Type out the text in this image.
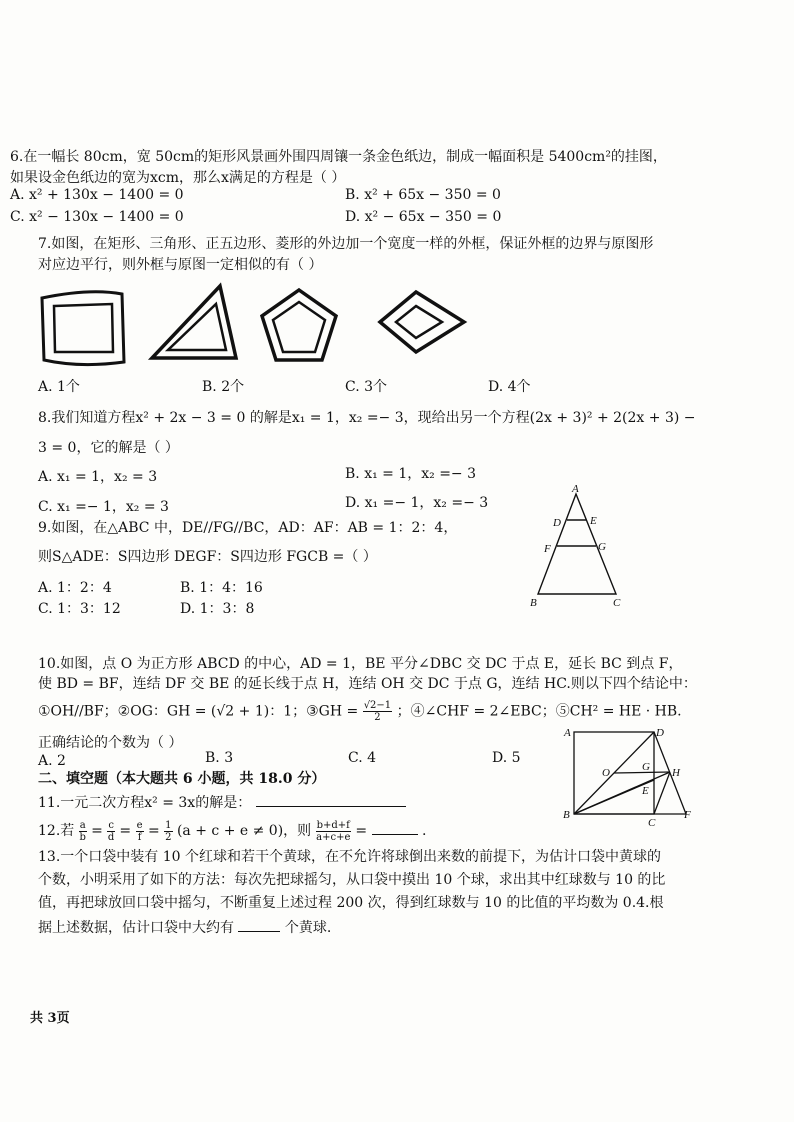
6.在一幅长 80cm，宽 50cm的矩形风景画外围四周镶一条金色纸边，制成一幅面积是 5400cm²的挂图，
如果设金色纸边的宽为xcm，那么x满足的方程是（ ）
A. x² + 130x − 1400 = 0	B. x² + 65x − 350 = 0
C. x² − 130x − 1400 = 0	D. x² − 65x − 350 = 0
7.如图，在矩形、三角形、正五边形、菱形的外边加一个宽度一样的外框，保证外框的边界与原图形
对应边平行，则外框与原图一定相似的有（ ）
A. 1个	B. 2个	C. 3个	D. 4个
8.我们知道方程x² + 2x − 3 = 0 的解是x₁ = 1，x₂ =− 3，现给出另一个方程(2x + 3)² + 2(2x + 3) −
3 = 0，它的解是（ ）
A. x₁ = 1，x₂ = 3	B. x₁ = 1，x₂ =− 3
C. x₁ =− 1，x₂ = 3	D. x₁ =− 1，x₂ =− 3
9.如图，在△ABC 中，DE//FG//BC，AD：AF：AB = 1：2：4，
则S△ADE：S四边形 DEGF：S四边形 FGCB =（ ）
A. 1：2：4	B. 1：4：16
C. 1：3：12	D. 1：3：8
A
D	E
F	G
B	C
10.如图，点 O 为正方形 ABCD 的中心，AD = 1，BE 平分∠DBC 交 DC 于点 E，延长 BC 到点 F，
使 BD = BF，连结 DF 交 BE 的延长线于点 H，连结 OH 交 DC 于点 G，连结 HC.则以下四个结论中：
①OH//BF；②OG：GH = (√2 + 1)：1；③GH = $\frac{√2-1}{2}$ ；④∠CHF = 2∠EBC；⑤CH² = HE · HB.
正确结论的个数为（ ）
A. 2	B. 3	C. 4	D. 5
A	D
O	G H
E
B
C
F
二、填空题（本大题共 6 小题，共 18.0 分）
11.一元二次方程x² = 3x的解是：
12.若 $\frac{a}{b} = \frac{c}{d} = \frac{e}{f} = \frac{1}{2} (a + c + e \ne 0)$，则 $\frac{b+d+f}{a+c+e}$ =	.
13.一个口袋中装有 10 个红球和若干个黄球，在不允许将球倒出来数的前提下，为估计口袋中黄球的
个数，小明采用了如下的方法：每次先把球摇匀，从口袋中摸出 10 个球，求出其中红球数与 10 的比
值，再把球放回口袋中摇匀，不断重复上述过程 200 次，得到红球数与 10 的比值的平均数为 0.4.根
据上述数据，估计口袋中大约有	个黄球.
共 3页
